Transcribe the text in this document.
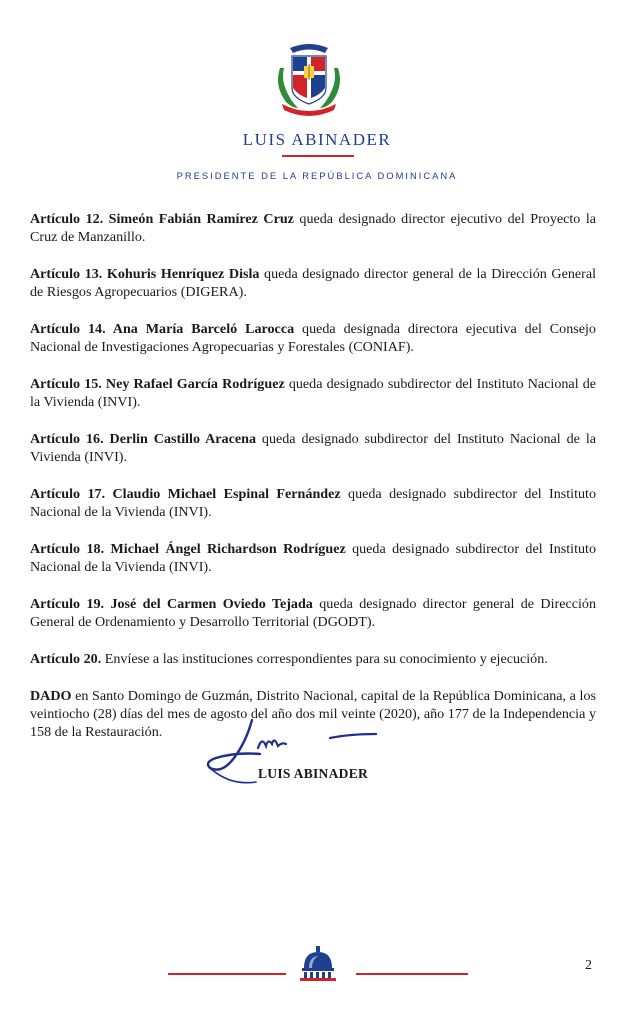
LUIS ABINADER
PRESIDENTE DE LA REPÚBLICA DOMINICANA

Artículo 12. Simeón Fabián Ramírez Cruz queda designado director ejecutivo del Proyecto la Cruz de Manzanillo.

Artículo 13. Kohuris Henríquez Disla queda designado director general de la Dirección General de Riesgos Agropecuarios (DIGERA).

Artículo 14. Ana María Barceló Larocca queda designada directora ejecutiva del Consejo Nacional de Investigaciones Agropecuarias y Forestales (CONIAF).

Artículo 15. Ney Rafael García Rodríguez queda designado subdirector del Instituto Nacional de la Vivienda (INVI).

Artículo 16. Derlin Castillo Aracena queda designado subdirector del Instituto Nacional de la Vivienda (INVI).

Artículo 17. Claudio Michael Espinal Fernández queda designado subdirector del Instituto Nacional de la Vivienda (INVI).

Artículo 18. Michael Ángel Richardson Rodríguez queda designado subdirector del Instituto Nacional de la Vivienda (INVI).

Artículo 19. José del Carmen Oviedo Tejada queda designado director general de Dirección General de Ordenamiento y Desarrollo Territorial (DGODT).

Artículo 20. Envíese a las instituciones correspondientes para su conocimiento y ejecución.

DADO en Santo Domingo de Guzmán, Distrito Nacional, capital de la República Dominicana, a los veintiocho (28) días del mes de agosto del año dos mil veinte (2020), año 177 de la Independencia y 158 de la Restauración.

LUIS ABINADER
2
